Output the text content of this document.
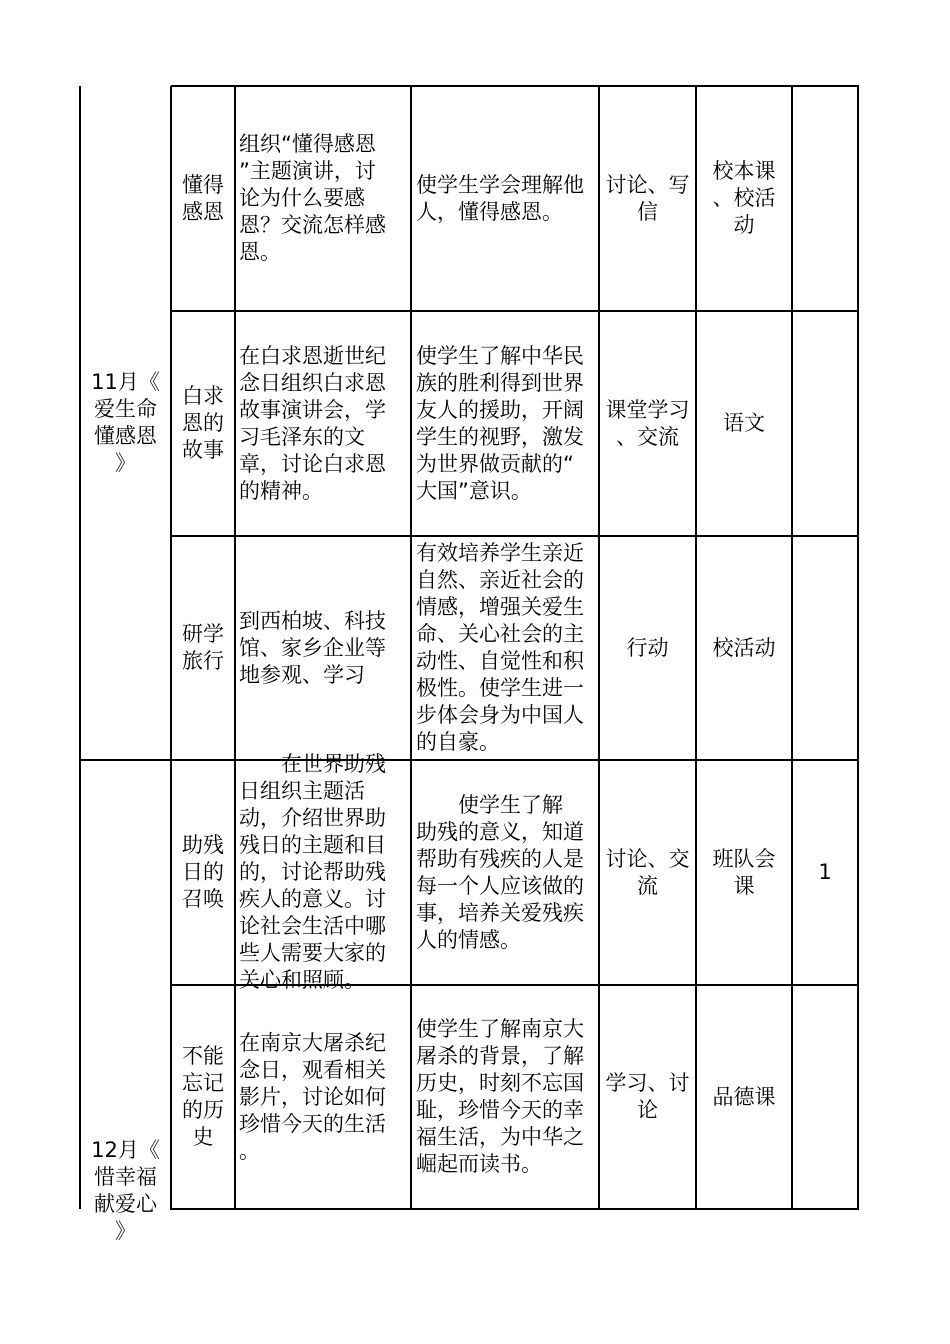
11月《
爱生命
懂感恩
》
12月《
惜幸福
献爱心
》
懂得
感恩
组织“懂得感恩
”主题演讲，讨
论为什么要感
恩？交流怎样感
恩。
使学生学会理解他
人，懂得感恩。
讨论、写
信
校本课
、校活
动
白求
恩的
故事
在白求恩逝世纪
念日组织白求恩
故事演讲会，学
习毛泽东的文
章，讨论白求恩
的精神。
使学生了解中华民
族的胜利得到世界
友人的援助，开阔
学生的视野，激发
为世界做贡献的“
大国”意识。
课堂学习
、交流
语文
研学
旅行
到西柏坡、科技
馆、家乡企业等
地参观、学习
有效培养学生亲近
自然、亲近社会的
情感，增强关爱生
命、关心社会的主
动性、自觉性和积
极性。使学生进一
步体会身为中国人
的自豪。
行动 校活动
助残
日的
召唤
　　在世界助残
日组织主题活
动，介绍世界助
残日的主题和目
的，讨论帮助残
疾人的意义。讨
论社会生活中哪
些人需要大家的
关心和照顾。
　　使学生了解
助残的意义，知道
帮助有残疾的人是
每一个人应该做的
事，培养关爱残疾
人的情感。
讨论、交
流
班队会
课
1
不能
忘记
的历
史
在南京大屠杀纪
念日，观看相关
影片，讨论如何
珍惜今天的生活
。
使学生了解南京大
屠杀的背景，了解
历史，时刻不忘国
耻，珍惜今天的幸
福生活，为中华之
崛起而读书。
学习、讨
论
品德课
